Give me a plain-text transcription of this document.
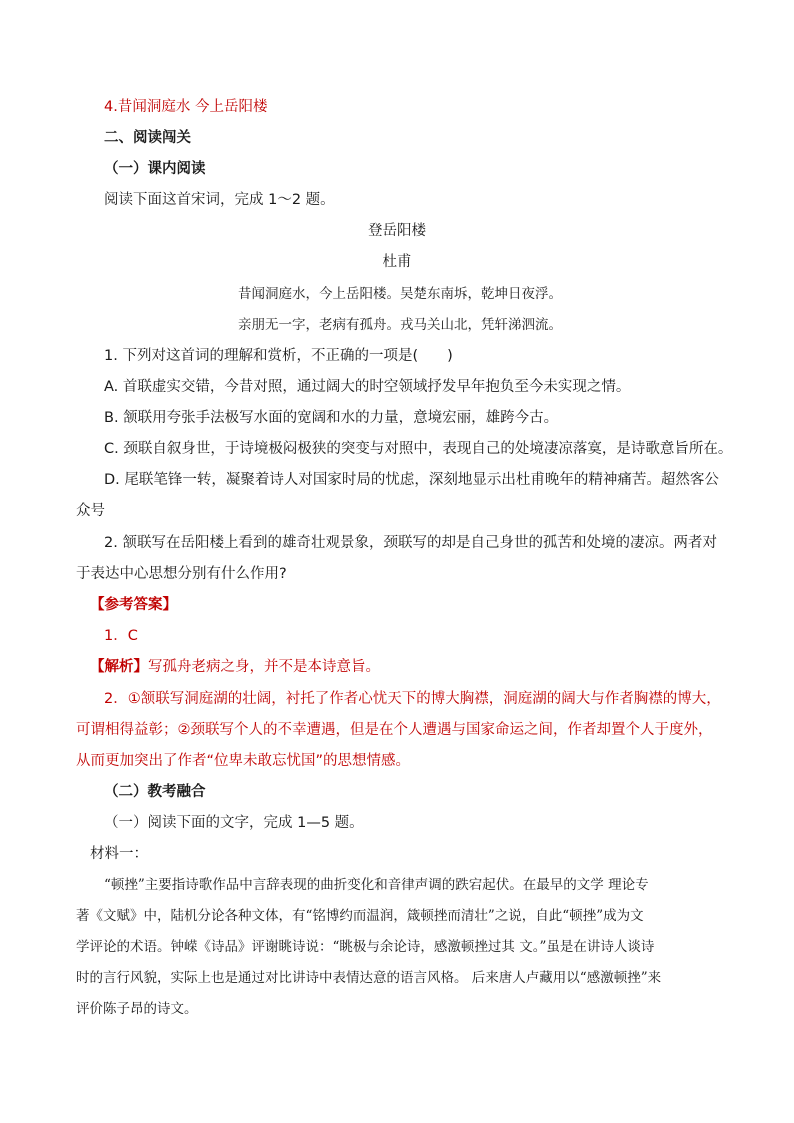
4.昔闻洞庭水 今上岳阳楼
二、阅读闯关
（一）课内阅读
阅读下面这首宋词，完成 1～2 题。
登岳阳楼
杜甫
昔闻洞庭水，今上岳阳楼。吴楚东南坼，乾坤日夜浮。
亲朋无一字，老病有孤舟。戎马关山北，凭轩涕泗流。
1. 下列对这首词的理解和赏析，不正确的一项是(　　)
A. 首联虚实交错，今昔对照，通过阔大的时空领域抒发早年抱负至今未实现之情。
B. 颔联用夸张手法极写水面的宽阔和水的力量，意境宏丽，雄跨今古。
C. 颈联自叙身世，于诗境极闷极狭的突变与对照中，表现自己的处境凄凉落寞，是诗歌意旨所在。
D. 尾联笔锋一转，凝聚着诗人对国家时局的忧虑，深刻地显示出杜甫晚年的精神痛苦。超然客公
众号
2. 颔联写在岳阳楼上看到的雄奇壮观景象，颈联写的却是自己身世的孤苦和处境的凄凉。两者对
于表达中心思想分别有什么作用?
【参考答案】
1．C
【解析】写孤舟老病之身，并不是本诗意旨。
2．①颔联写洞庭湖的壮阔，衬托了作者心忧天下的博大胸襟，洞庭湖的阔大与作者胸襟的博大，
可谓相得益彰；②颈联写个人的不幸遭遇，但是在个人遭遇与国家命运之间，作者却置个人于度外，
从而更加突出了作者“位卑未敢忘忧国”的思想情感。
（二）教考融合
（一）阅读下面的文字，完成 1—5 题。
材料一：
“顿挫”主要指诗歌作品中言辞表现的曲折变化和音律声调的跌宕起伏。在最早的文学 理论专
著《文赋》中，陆机分论各种文体，有“铭博约而温润，箴顿挫而清壮”之说，自此“顿挫”成为文
学评论的术语。钟嵘《诗品》评谢眺诗说：“眺极与余论诗，感激顿挫过其 文。”虽是在讲诗人谈诗
时的言行风貌，实际上也是通过对比讲诗中表情达意的语言风格。 后来唐人卢藏用以“感激顿挫”来
评价陈子昂的诗文。
